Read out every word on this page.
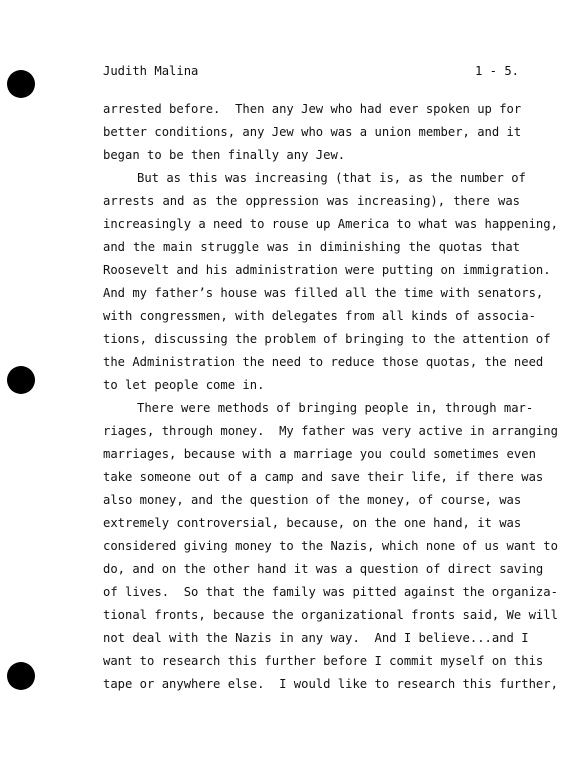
Judith Malina	1 - 5.
arrested before.  Then any Jew who had ever spoken up for
better conditions, any Jew who was a union member, and it
began to be then finally any Jew.
But as this was increasing (that is, as the number of
arrests and as the oppression was increasing), there was
increasingly a need to rouse up America to what was happening,
and the main struggle was in diminishing the quotas that
Roosevelt and his administration were putting on immigration.
And my father’s house was filled all the time with senators,
with congressmen, with delegates from all kinds of associa-
tions, discussing the problem of bringing to the attention of
the Administration the need to reduce those quotas, the need
to let people come in.
There were methods of bringing people in, through mar-
riages, through money.  My father was very active in arranging
marriages, because with a marriage you could sometimes even
take someone out of a camp and save their life, if there was
also money, and the question of the money, of course, was
extremely controversial, because, on the one hand, it was
considered giving money to the Nazis, which none of us want to
do, and on the other hand it was a question of direct saving
of lives.  So that the family was pitted against the organiza-
tional fronts, because the organizational fronts said, We will
not deal with the Nazis in any way.  And I believe...and I
want to research this further before I commit myself on this
tape or anywhere else.  I would like to research this further,
